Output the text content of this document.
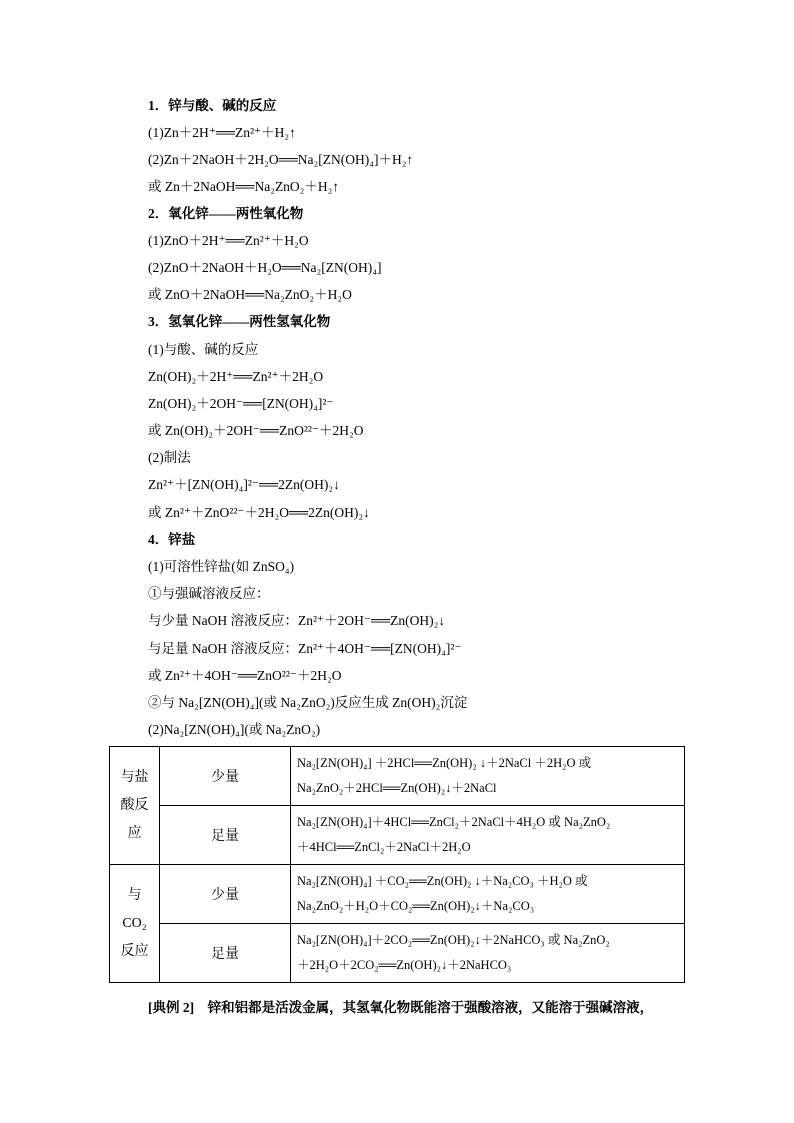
1．锌与酸、碱的反应
(1)Zn＋2H⁺══Zn²⁺＋H₂↑
(2)Zn＋2NaOH＋2H₂O══Na₂[ZN(OH)₄]＋H₂↑
或 Zn＋2NaOH══Na₂ZnO₂＋H₂↑
2．氧化锌——两性氧化物
(1)ZnO＋2H⁺══Zn²⁺＋H₂O
(2)ZnO＋2NaOH＋H₂O══Na₂[ZN(OH)₄]
或 ZnO＋2NaOH══Na₂ZnO₂＋H₂O
3．氢氧化锌——两性氢氧化物
(1)与酸、碱的反应
Zn(OH)₂＋2H⁺══Zn²⁺＋2H₂O
Zn(OH)₂＋2OH⁻══[ZN(OH)₄]²⁻
或 Zn(OH)₂＋2OH⁻══ZnO²²⁻＋2H₂O
(2)制法
Zn²⁺＋[ZN(OH)₄]²⁻══2Zn(OH)₂↓
或 Zn²⁺＋ZnO²²⁻＋2H₂O══2Zn(OH)₂↓
4．锌盐
(1)可溶性锌盐(如 ZnSO₄)
①与强碱溶液反应：
与少量 NaOH 溶液反应：Zn²⁺＋2OH⁻══Zn(OH)₂↓
与足量 NaOH 溶液反应：Zn²⁺＋4OH⁻══[ZN(OH)₄]²⁻
或 Zn²⁺＋4OH⁻══ZnO²²⁻＋2H₂O
②与 Na₂[ZN(OH)₄](或 Na₂ZnO₂)反应生成 Zn(OH)₂沉淀
(2)Na₂[ZN(OH)₄](或 Na₂ZnO₂)
与盐
酸反
应	少量	Na₂[ZN(OH)₄] ＋2HCl══Zn(OH)₂ ↓＋2NaCl ＋2H₂O 或
Na₂ZnO₂＋2HCl══Zn(OH)₂↓＋2NaCl
	足量	Na₂[ZN(OH)₄]＋4HCl══ZnCl₂＋2NaCl＋4H₂O 或 Na₂ZnO₂
＋4HCl══ZnCl₂＋2NaCl＋2H₂O
与
CO₂
反应	少量	Na₂[ZN(OH)₄] ＋CO₂══Zn(OH)₂ ↓＋Na₂CO₃ ＋H₂O 或
Na₂ZnO₂＋H₂O＋CO₂══Zn(OH)₂↓＋Na₂CO₃
	足量	Na₂[ZN(OH)₄]＋2CO₂══Zn(OH)₂↓＋2NaHCO₃ 或 Na₂ZnO₂
＋2H₂O＋2CO₂══Zn(OH)₂↓＋2NaHCO₃
[典例 2]　锌和铝都是活泼金属，其氢氧化物既能溶于强酸溶液，又能溶于强碱溶液，
